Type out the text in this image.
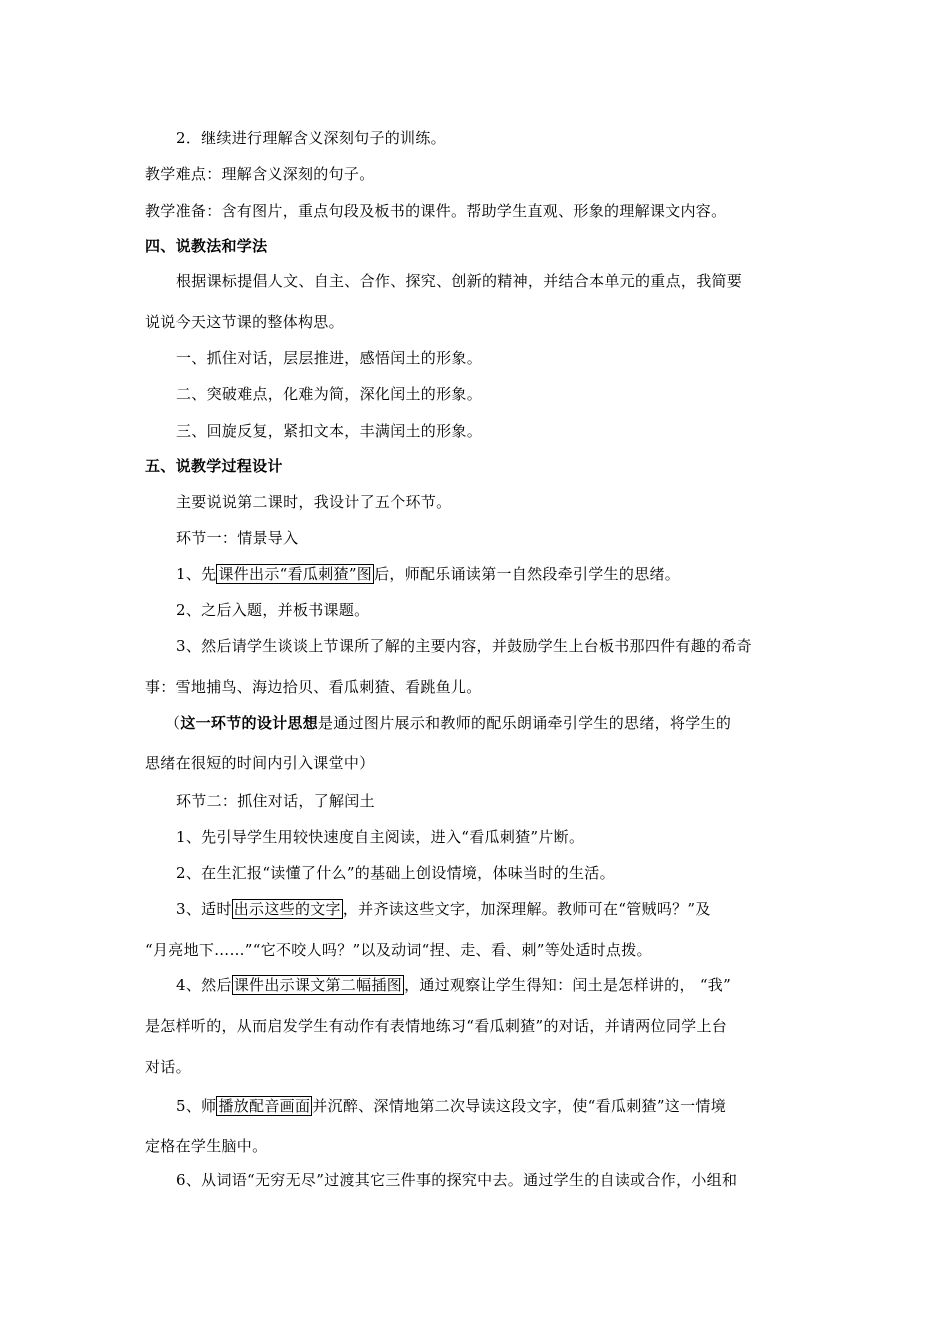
2．继续进行理解含义深刻句子的训练。
教学难点：理解含义深刻的句子。
教学准备：含有图片，重点句段及板书的课件。帮助学生直观、形象的理解课文内容。
四、说教法和学法
根据课标提倡人文、自主、合作、探究、创新的精神，并结合本单元的重点，我简要
说说今天这节课的整体构思。
一、抓住对话，层层推进，感悟闰土的形象。
二、突破难点，化难为简，深化闰土的形象。
三、回旋反复，紧扣文本，丰满闰土的形象。
五、说教学过程设计
主要说说第二课时，我设计了五个环节。
环节一：情景导入
1、先 课件出示“看瓜刺猹”图 后，师配乐诵读第一自然段牵引学生的思绪。
2、之后入题，并板书课题。
3、然后请学生谈谈上节课所了解的主要内容，并鼓励学生上台板书那四件有趣的希奇
事：雪地捕鸟、海边拾贝、看瓜刺猹、看跳鱼儿。
（这一环节的设计思想是通过图片展示和教师的配乐朗诵牵引学生的思绪，将学生的
思绪在很短的时间内引入课堂中）
环节二：抓住对话，了解闰土
1、先引导学生用较快速度自主阅读，进入“看瓜刺猹”片断。
2、在生汇报“读懂了什么”的基础上创设情境，体味当时的生活。
3、适时 出示这些的文字 ，并齐读这些文字，加深理解。教师可在“管贼吗？”及
“月亮地下……”“它不咬人吗？”以及动词“捏、走、看、刺”等处适时点拨。
4、然后 课件出示课文第二幅插图 ，通过观察让学生得知：闰土是怎样讲的， “我”
是怎样听的，从而启发学生有动作有表情地练习“看瓜刺猹”的对话，并请两位同学上台
对话。
5、师 播放配音画面 并沉醉、深情地第二次导读这段文字，使“看瓜刺猹”这一情境
定格在学生脑中。
6、从词语“无穷无尽”过渡其它三件事的探究中去。通过学生的自读或合作，小组和
